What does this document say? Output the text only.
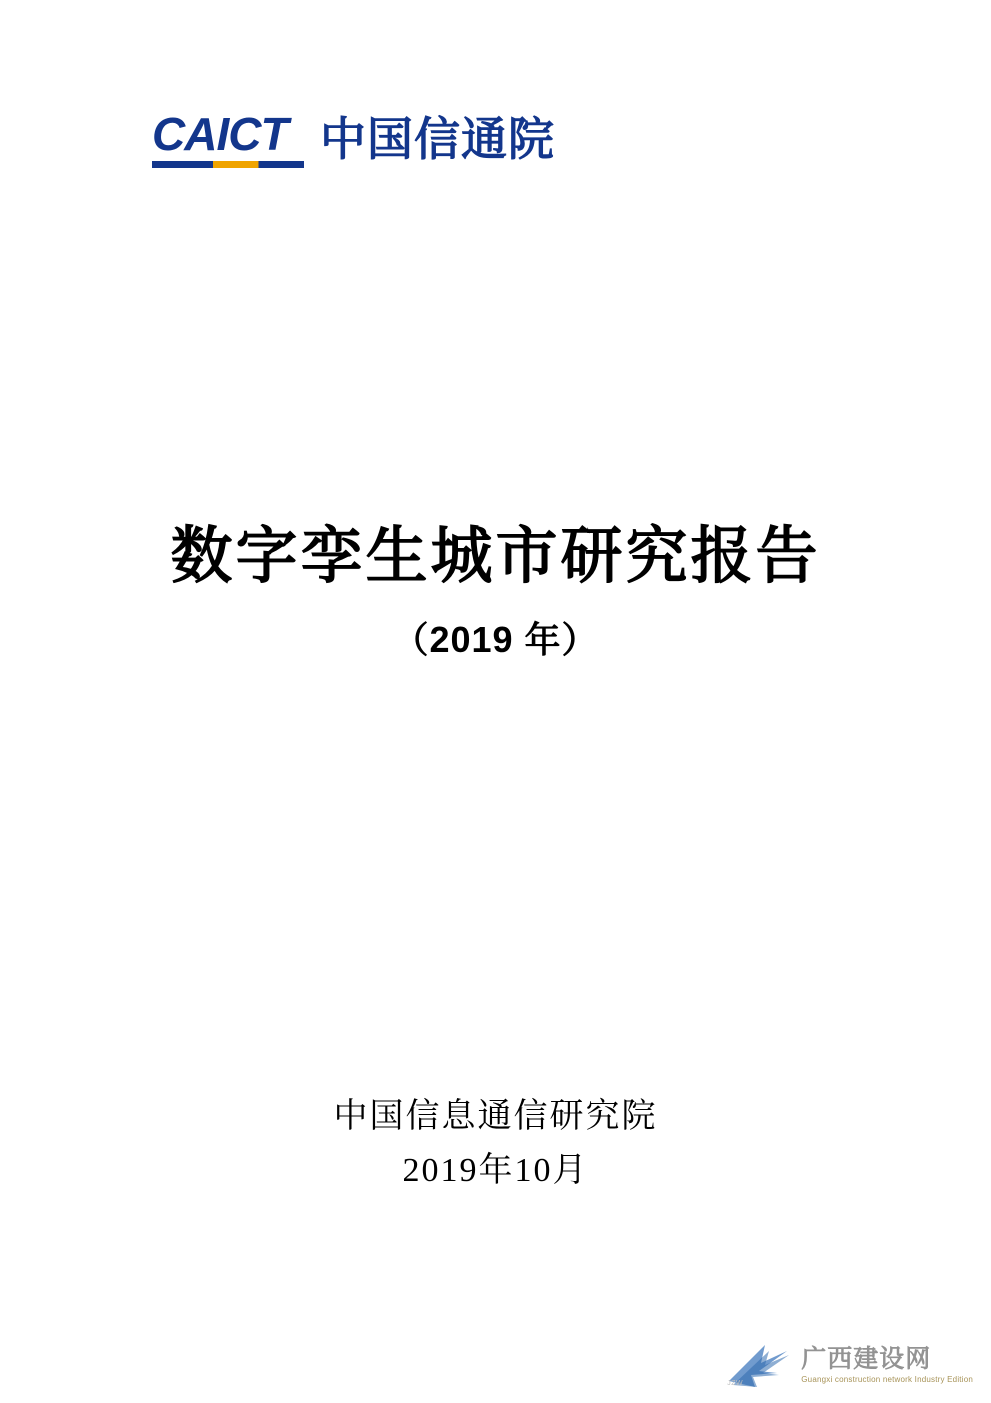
CAICT 中国信通院
数字孪生城市研究报告

（2019 年）

中国信息通信研究院

2019年10月

JZW
广西建设网
Guangxi construction network Industry Edition
